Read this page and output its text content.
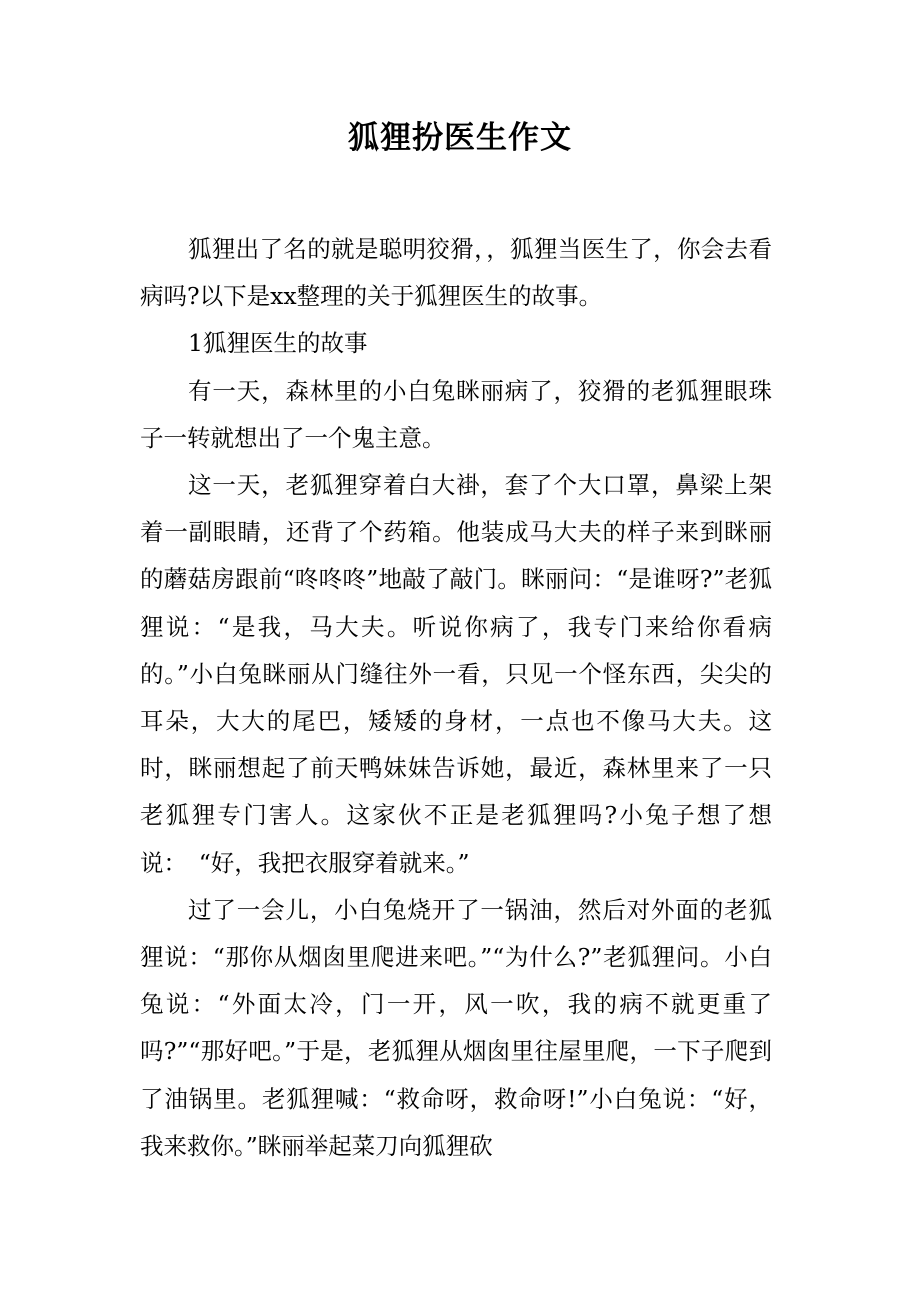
狐狸扮医生作文

狐狸出了名的就是聪明狡猾，，狐狸当医生了，你会去看病吗?以下是xx整理的关于狐狸医生的故事。

1狐狸医生的故事

有一天，森林里的小白兔眯丽病了，狡猾的老狐狸眼珠子一转就想出了一个鬼主意。

这一天，老狐狸穿着白大褂，套了个大口罩，鼻梁上架着一副眼睛，还背了个药箱。他装成马大夫的样子来到眯丽的蘑菇房跟前“咚咚咚”地敲了敲门。眯丽问：“是谁呀?”老狐狸说：“是我，马大夫。听说你病了，我专门来给你看病的。”小白兔眯丽从门缝往外一看，只见一个怪东西，尖尖的耳朵，大大的尾巴，矮矮的身材，一点也不像马大夫。这时，眯丽想起了前天鸭妹妹告诉她，最近，森林里来了一只老狐狸专门害人。这家伙不正是老狐狸吗?小兔子想了想说：　“好，我把衣服穿着就来。”

过了一会儿，小白兔烧开了一锅油，然后对外面的老狐狸说：“那你从烟囱里爬进来吧。”“为什么?”老狐狸问。小白兔说：“外面太冷，门一开，风一吹，我的病不就更重了吗?”“那好吧。”于是，老狐狸从烟囱里往屋里爬，一下子爬到了油锅里。老狐狸喊：“救命呀，救命呀!”小白兔说：“好，我来救你。”眯丽举起菜刀向狐狸砍
